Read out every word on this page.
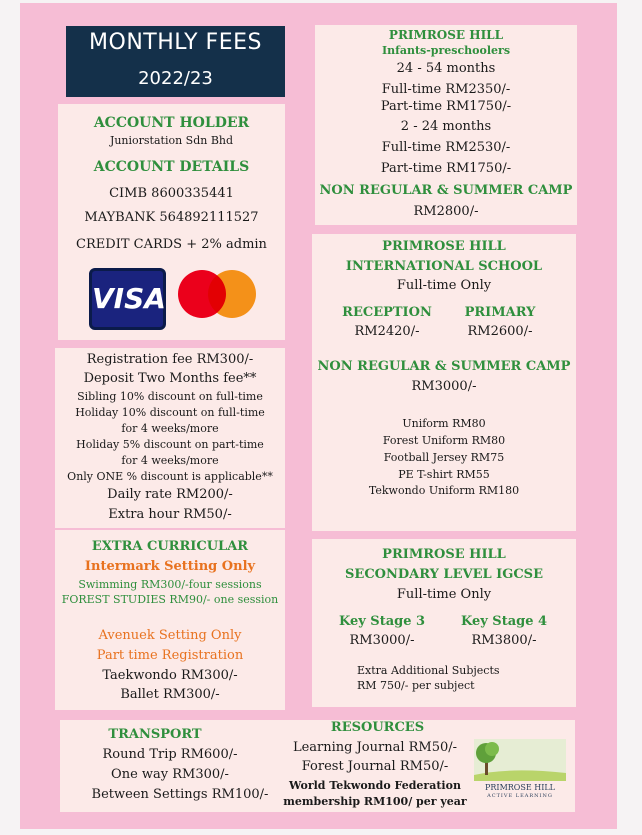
MONTHLY FEES
2022/23
ACCOUNT HOLDER
Juniorstation Sdn Bhd
ACCOUNT DETAILS
CIMB 8600335441
MAYBANK 564892111527
CREDIT CARDS + 2% admin
VISA
Registration fee RM300/-
Deposit Two Months fee**
Sibling 10% discount on full-time
Holiday 10% discount on full-time
for 4 weeks/more
Holiday 5% discount on part-time
for 4 weeks/more
Only ONE % discount is applicable**
Daily rate RM200/-
Extra hour RM50/-
EXTRA CURRICULAR
Intermark Setting Only
Swimming RM300/-four sessions
FOREST STUDIES RM90/- one session
Avenuek Setting Only
Part time Registration
Taekwondo RM300/-
Ballet RM300/-
TRANSPORT
Round Trip RM600/-
One way RM300/-
Between Settings RM100/-
RESOURCES
Learning Journal RM50/-
Forest Journal RM50/-
World Tekwondo Federation
membership RM100/ per year
PRIMROSE HILL
ACTIVE LEARNING
PRIMROSE HILL
Infants-preschoolers
24 - 54 months
Full-time RM2350/-
Part-time RM1750/-
2 - 24 months
Full-time RM2530/-
Part-time RM1750/-
NON REGULAR & SUMMER CAMP
RM2800/-
PRIMROSE HILL
INTERNATIONAL SCHOOL
Full-time Only
RECEPTION
RM2420/-
PRIMARY
RM2600/-
NON REGULAR & SUMMER CAMP
RM3000/-
Uniform RM80
Forest Uniform RM80
Football Jersey RM75
PE T-shirt RM55
Tekwondo Uniform RM180
PRIMROSE HILL
SECONDARY LEVEL IGCSE
Full-time Only
Key Stage 3
RM3000/-
Key Stage 4
RM3800/-
Extra Additional Subjects
RM 750/- per subject
